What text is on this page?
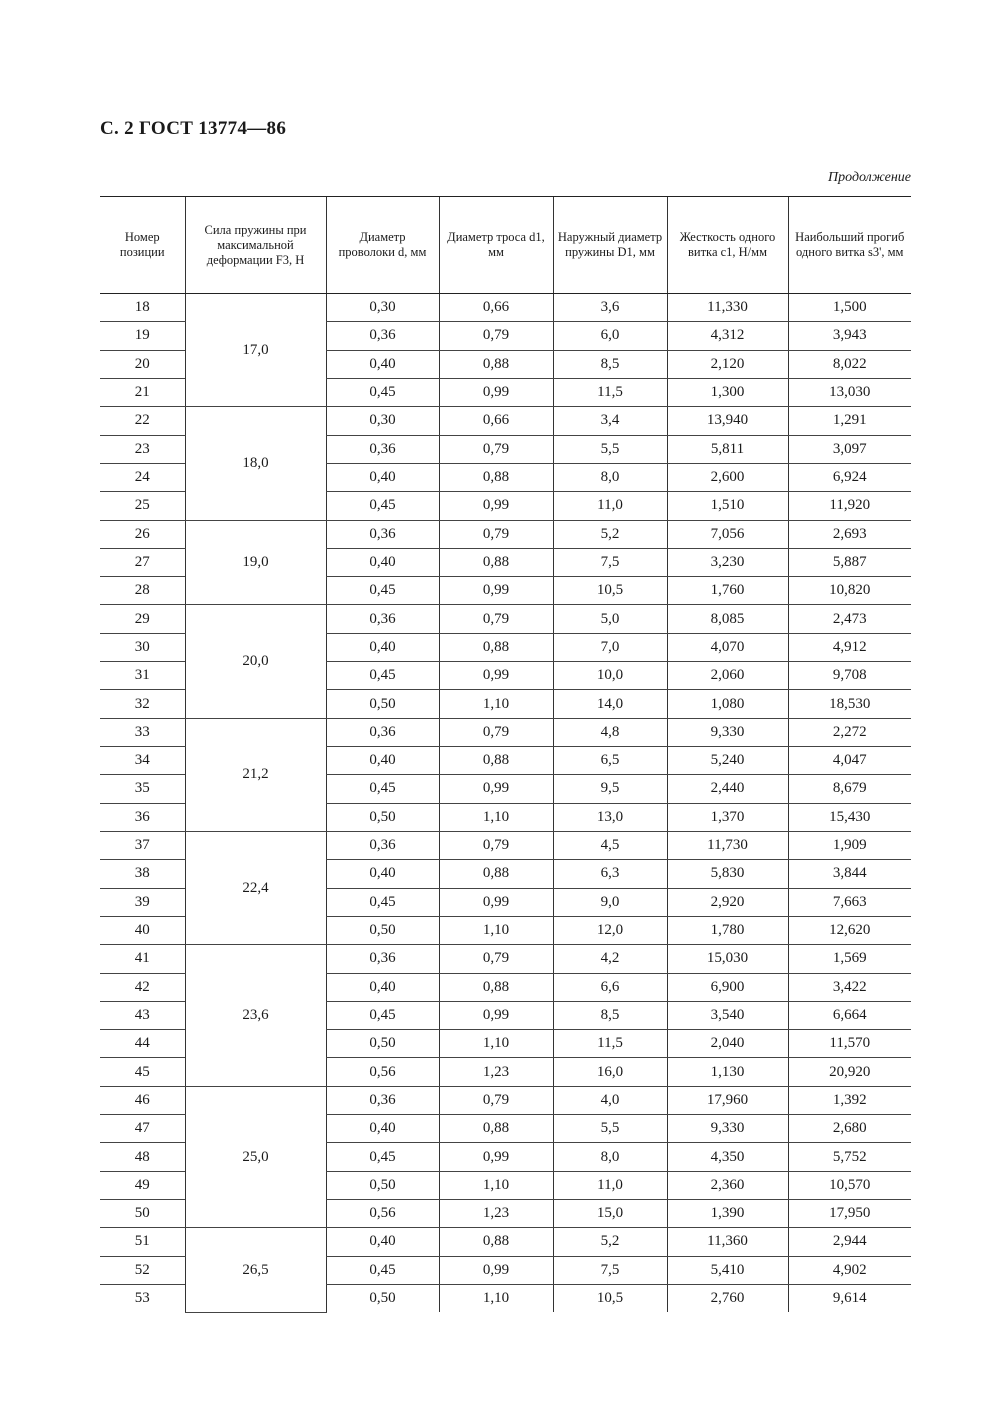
С. 2 ГОСТ 13774—86
Продолжение
Номер позиции	Сила пружины при максимальной деформации F3, Н	Диаметр проволоки d, мм	Диаметр троса d1, мм	Наружный диаметр пружины D1, мм	Жесткость одного витка c1, Н/мм	Наибольший прогиб одного витка s3', мм
18	17,0	0,30	0,66	3,6	11,330	1,500
19		0,36	0,79	6,0	4,312	3,943
20		0,40	0,88	8,5	2,120	8,022
21		0,45	0,99	11,5	1,300	13,030
22	18,0	0,30	0,66	3,4	13,940	1,291
23		0,36	0,79	5,5	5,811	3,097
24		0,40	0,88	8,0	2,600	6,924
25		0,45	0,99	11,0	1,510	11,920
26	19,0	0,36	0,79	5,2	7,056	2,693
27		0,40	0,88	7,5	3,230	5,887
28		0,45	0,99	10,5	1,760	10,820
29	20,0	0,36	0,79	5,0	8,085	2,473
30		0,40	0,88	7,0	4,070	4,912
31		0,45	0,99	10,0	2,060	9,708
32		0,50	1,10	14,0	1,080	18,530
33	21,2	0,36	0,79	4,8	9,330	2,272
34		0,40	0,88	6,5	5,240	4,047
35		0,45	0,99	9,5	2,440	8,679
36		0,50	1,10	13,0	1,370	15,430
37	22,4	0,36	0,79	4,5	11,730	1,909
38		0,40	0,88	6,3	5,830	3,844
39		0,45	0,99	9,0	2,920	7,663
40		0,50	1,10	12,0	1,780	12,620
41	23,6	0,36	0,79	4,2	15,030	1,569
42		0,40	0,88	6,6	6,900	3,422
43		0,45	0,99	8,5	3,540	6,664
44		0,50	1,10	11,5	2,040	11,570
45		0,56	1,23	16,0	1,130	20,920
46	25,0	0,36	0,79	4,0	17,960	1,392
47		0,40	0,88	5,5	9,330	2,680
48		0,45	0,99	8,0	4,350	5,752
49		0,50	1,10	11,0	2,360	10,570
50		0,56	1,23	15,0	1,390	17,950
51	26,5	0,40	0,88	5,2	11,360	2,944
52		0,45	0,99	7,5	5,410	4,902
53		0,50	1,10	10,5	2,760	9,614
